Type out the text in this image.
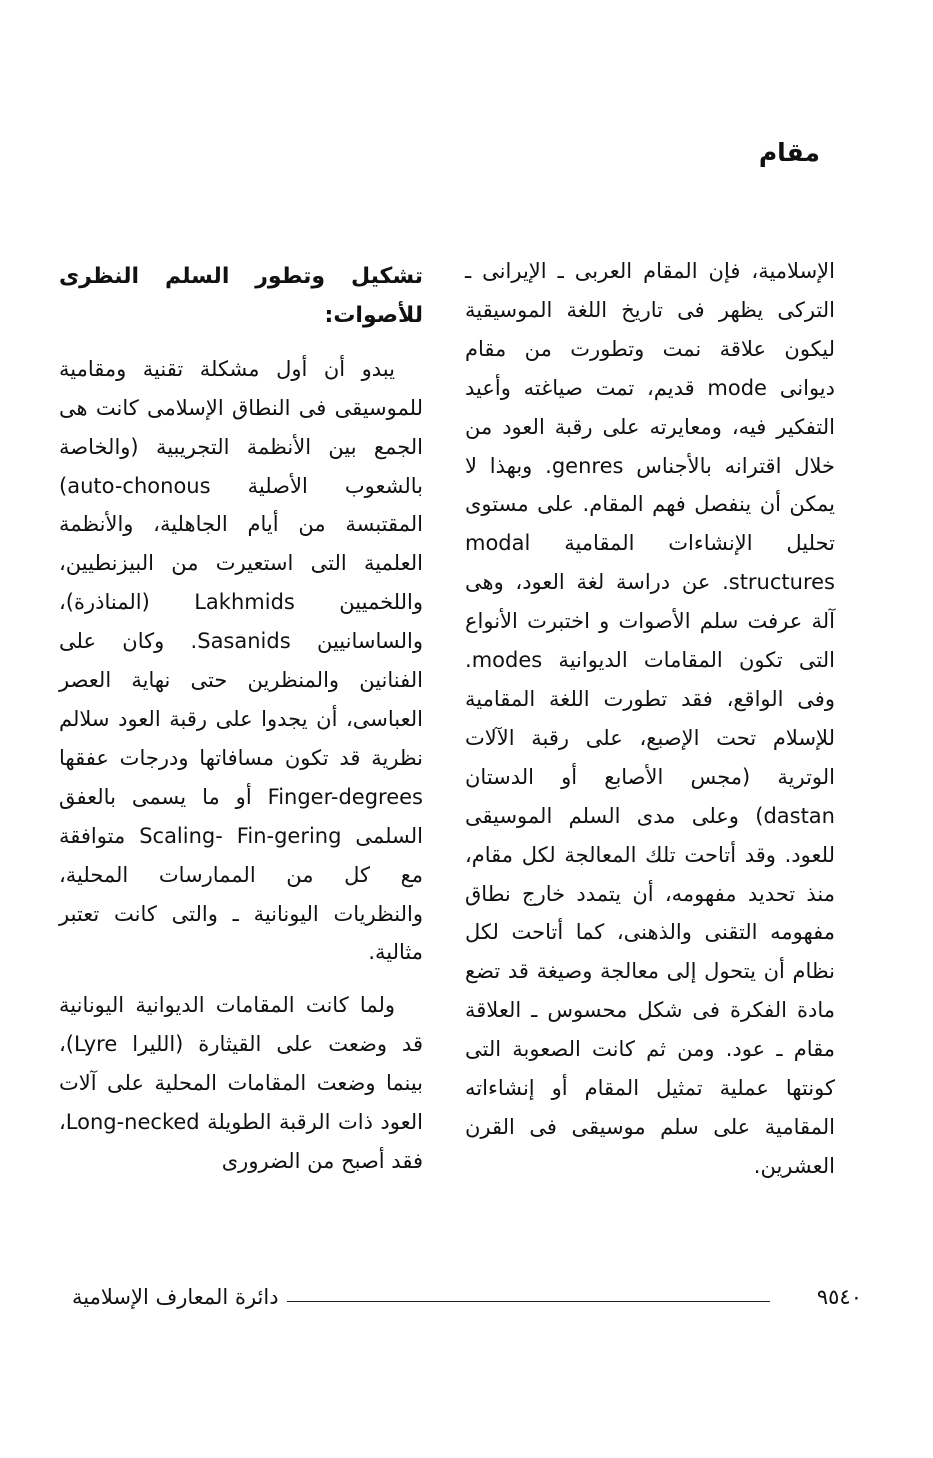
مقام

الإسلامية، فإن المقام العربى ـ الإيرانى ـ التركى يظهر فى تاريخ اللغة الموسيقية ليكون علاقة نمت وتطورت من مقام ديوانى mode قديم، تمت صياغته وأعيد التفكير فيه، ومعايرته على رقبة العود من خلال اقترانه بالأجناس genres. وبهذا لا يمكن أن ينفصل فهم المقام. على مستوى تحليل الإنشاءات المقامية modal structures. عن دراسة لغة العود، وهى آلة عرفت سلم الأصوات و اختبرت الأنواع التى تكون المقامات الديوانية modes. وفى الواقع، فقد تطورت اللغة المقامية للإسلام تحت الإصبع، على رقبة الآلات الوترية (مجس الأصابع أو الدستان dastan) وعلى مدى السلم الموسيقى للعود. وقد أتاحت تلك المعالجة لكل مقام، منذ تحديد مفهومه، أن يتمدد خارج نطاق مفهومه التقنى والذهنى، كما أتاحت لكل نظام أن يتحول إلى معالجة وصيغة قد تضع مادة الفكرة فى شكل محسوس ـ العلاقة مقام ـ عود. ومن ثم كانت الصعوبة التى كونتها عملية تمثيل المقام أو إنشاءاته المقامية على سلم موسيقى فى القرن العشرين.

تشكيل وتطور السلم النظرى للأصوات:

يبدو أن أول مشكلة تقنية ومقامية للموسيقى فى النطاق الإسلامى كانت هى الجمع بين الأنظمة التجريبية (والخاصة بالشعوب الأصلية auto-chonous) المقتبسة من أيام الجاهلية، والأنظمة العلمية التى استعيرت من البيزنطيين، واللخميين Lakhmids (المناذرة)، والساسانيين Sasanids. وكان على الفنانين والمنظرين حتى نهاية العصر العباسى، أن يجدوا على رقبة العود سلالم نظرية قد تكون مسافاتها ودرجات عفقها Finger-degrees أو ما يسمى بالعفق السلمى Scaling- Fin-gering متوافقة مع كل من الممارسات المحلية، والنظريات اليونانية ـ والتى كانت تعتبر مثالية.

ولما كانت المقامات الديوانية اليونانية قد وضعت على القيثارة (الليرا Lyre)، بينما وضعت المقامات المحلية على آلات العود ذات الرقبة الطويلة Long-necked، فقد أصبح من الضرورى

دائرة المعارف الإسلامية	٩٥٤٠
